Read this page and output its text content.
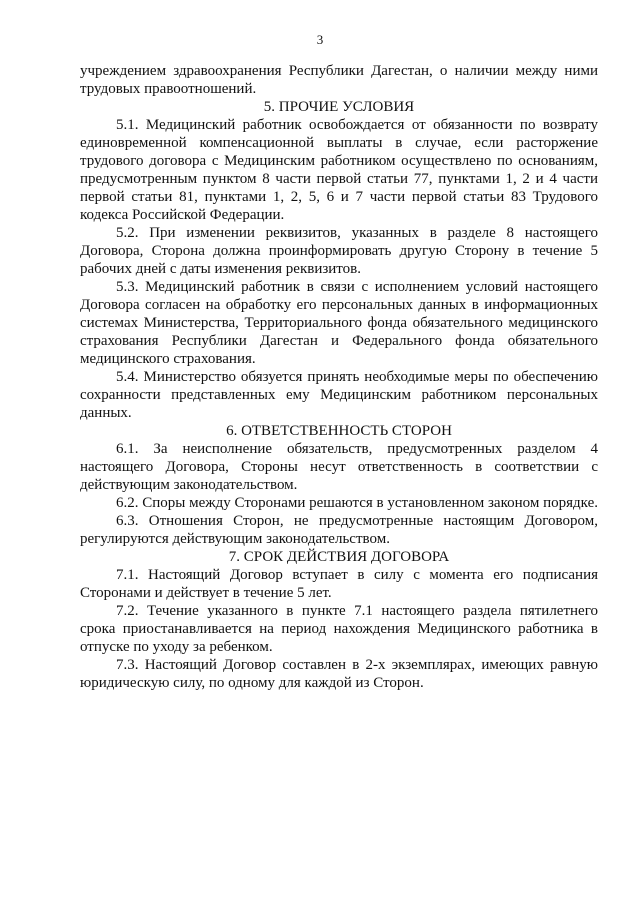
3

учреждением здравоохранения Республики Дагестан, о наличии между ними трудовых правоотношений.

5. ПРОЧИЕ УСЛОВИЯ

5.1. Медицинский работник освобождается от обязанности по возврату единовременной компенсационной выплаты в случае, если расторжение трудового договора с Медицинским работником осуществлено по основаниям, предусмотренным пунктом 8 части первой статьи 77, пунктами 1, 2 и 4 части первой статьи 81, пунктами 1, 2, 5, 6 и 7 части первой статьи 83 Трудового кодекса Российской Федерации.

5.2. При изменении реквизитов, указанных в разделе 8 настоящего Договора, Сторона должна проинформировать другую Сторону в течение 5 рабочих дней с даты изменения реквизитов.

5.3. Медицинский работник в связи с исполнением условий настоящего Договора согласен на обработку его персональных данных в информационных системах Министерства, Территориального фонда обязательного медицинского страхования Республики Дагестан и Федерального фонда обязательного медицинского страхования.

5.4. Министерство обязуется принять необходимые меры по обеспечению сохранности представленных ему Медицинским работником персональных данных.

6. ОТВЕТСТВЕННОСТЬ СТОРОН

6.1. За неисполнение обязательств, предусмотренных разделом 4 настоящего Договора, Стороны несут ответственность в соответствии с действующим законодательством.

6.2. Споры между Сторонами решаются в установленном законом порядке.

6.3. Отношения Сторон, не предусмотренные настоящим Договором, регулируются действующим законодательством.

7. СРОК ДЕЙСТВИЯ ДОГОВОРА

7.1. Настоящий Договор вступает в силу с момента его подписания Сторонами и действует в течение 5 лет.

7.2. Течение указанного в пункте 7.1 настоящего раздела пятилетнего срока приостанавливается на период нахождения Медицинского работника в отпуске по уходу за ребенком.

7.3. Настоящий Договор составлен в 2-х экземплярах, имеющих равную юридическую силу, по одному для каждой из Сторон.
